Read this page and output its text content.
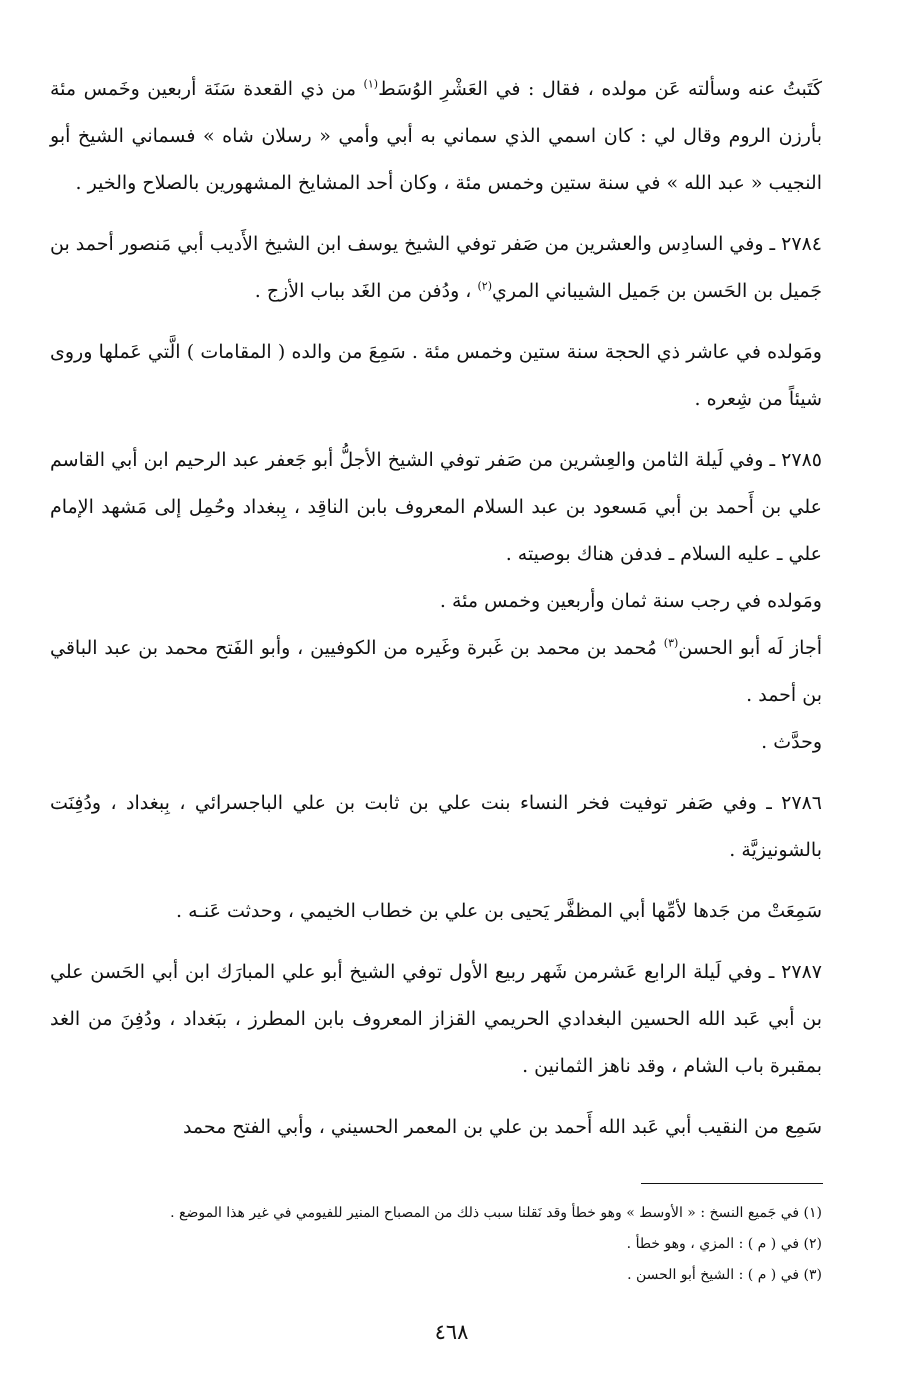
كَتَبتُ عنه وسألته عَن مولده ، فقال : في العَشْرِ الوُسَط$^{(١)}$ من ذي القعدة سَنَة أربعين وخَمس مئة بأرزن الروم وقال لي : كان اسمي الذي سماني به أبي وأمي « رسلان شاه » فسماني الشيخ أبو النجيب « عبد الله » في سنة ستين وخمس مئة ، وكان أحد المشايخ المشهورين بالصلاح والخير .

٢٧٨٤ ـ وفي السادِس والعشرين من صَفر توفي الشيخ يوسف ابن الشيخ الأَديب أبي مَنصور أحمد بن جَميل بن الحَسن بن جَميل الشيباني المري$^{(٢)}$ ، ودُفن من الغَد بباب الأزج .

ومَولده في عاشر ذي الحجة سنة ستين وخمس مئة . سَمِعَ من والده ( المقامات ) الَّتي عَملها وروى شيئاً من شِعره .

٢٧٨٥ ـ وفي لَيلة الثامن والعِشرين من صَفر توفي الشيخ الأجلُّ أبو جَعفر عبد الرحيم ابن أبي القاسم علي بن أَحمد بن أبي مَسعود بن عبد السلام المعروف بابن الناقِد ، بِبغداد وحُمِل إلى مَشهد الإمام علي ـ عليه السلام ـ فدفن هناك بوصيته .

ومَولده في رجب سنة ثمان وأربعين وخمس مئة .

أجاز لَه أبو الحسن$^{(٣)}$ مُحمد بن محمد بن غَبرة وغَيره من الكوفيين ، وأبو الفَتح محمد بن عبد الباقي بن أحمد .

وحدَّث .

٢٧٨٦ ـ وفي صَفر توفيت فخر النساء بنت علي بن ثابت بن علي الباجسرائي ، بِبغداد ، ودُفِنَت بالشونيزيَّة .

سَمِعَتْ من جَدها لأمِّها أبي المظفَّر يَحيى بن علي بن خطاب الخيمي ، وحدثت عَنـه .

٢٧٨٧ ـ وفي لَيلة الرابع عَشرمن شَهر ربيع الأول توفي الشيخ أبو علي المبارَك ابن أبي الحَسن علي بن أبي عَبد الله الحسين البغدادي الحريمي القزاز المعروف بابن المطرز ، ببَغداد ، ودُفِنَ من الغد بمقبرة باب الشام ، وقد ناهز الثمانين .

سَمِع من النقيب أبي عَبد الله أَحمد بن علي بن المعمر الحسيني ، وأبي الفتح محمد

(١) في جَميع النسخ : « الأوسط » وهو خطأ وقد نَقلنا سبب ذلك من المصباح المنير للفيومي في غير هذا الموضع .

(٢) في ( م ) : المزي ، وهو خطأ .

(٣) في ( م ) : الشيخ أبو الحسن .

٤٦٨
